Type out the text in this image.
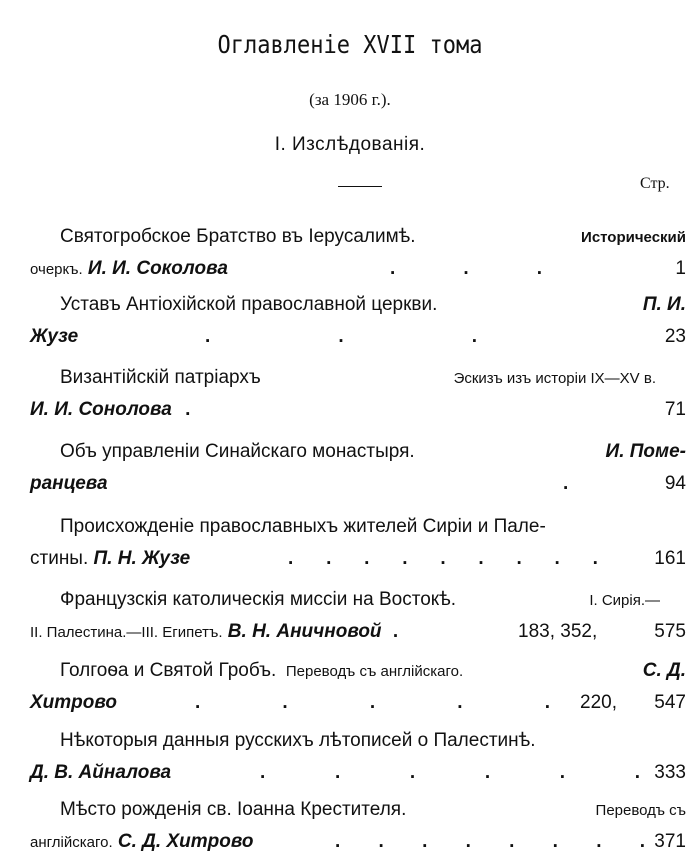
Оглавленіе XVII тома
(за 1906 г.).
I. Изслѣдованія.
Стр.
Святогробское Братство въ Іерусалимѣ.	Исторический
очеркъ. И. И. Соколова	.	.	.	1
Уставъ Антіохійской православной церкви.	П. И.
Жузе	.	.	.	23
Византійскій патріархъ	Эскизъ изъ исторіи IX—XV в.
И. И. Сонолова .	71
Объ управленіи Синайскаго монастыря.	И. Поме-
ранцева	.	94
Происхожденіе православныхъ жителей Сиріи и Пале-
стины. П. Н. Жузе	. . . . . . . . .	161
Французскія католическія миссіи на Востокѣ.	I. Сирія.—
II. Палестина.—III. Египетъ. В. Н. Аничновой .	183, 352,	575
Голгоѳа и Святой Гробъ. Переводъ съ англійскаго.	С. Д.
Хитрово	.	.	.	.	. 220, 547
Нѣкоторыя данныя русскихъ лѣтописей о Палестинѣ.
Д. В. Айналова	.	.	.	.	.	. 333
Мѣсто рожденія св. Іоанна Крестителя.	Переводъ съ
англійскаго. С. Д. Хитрово	. . . . . . . . 371
